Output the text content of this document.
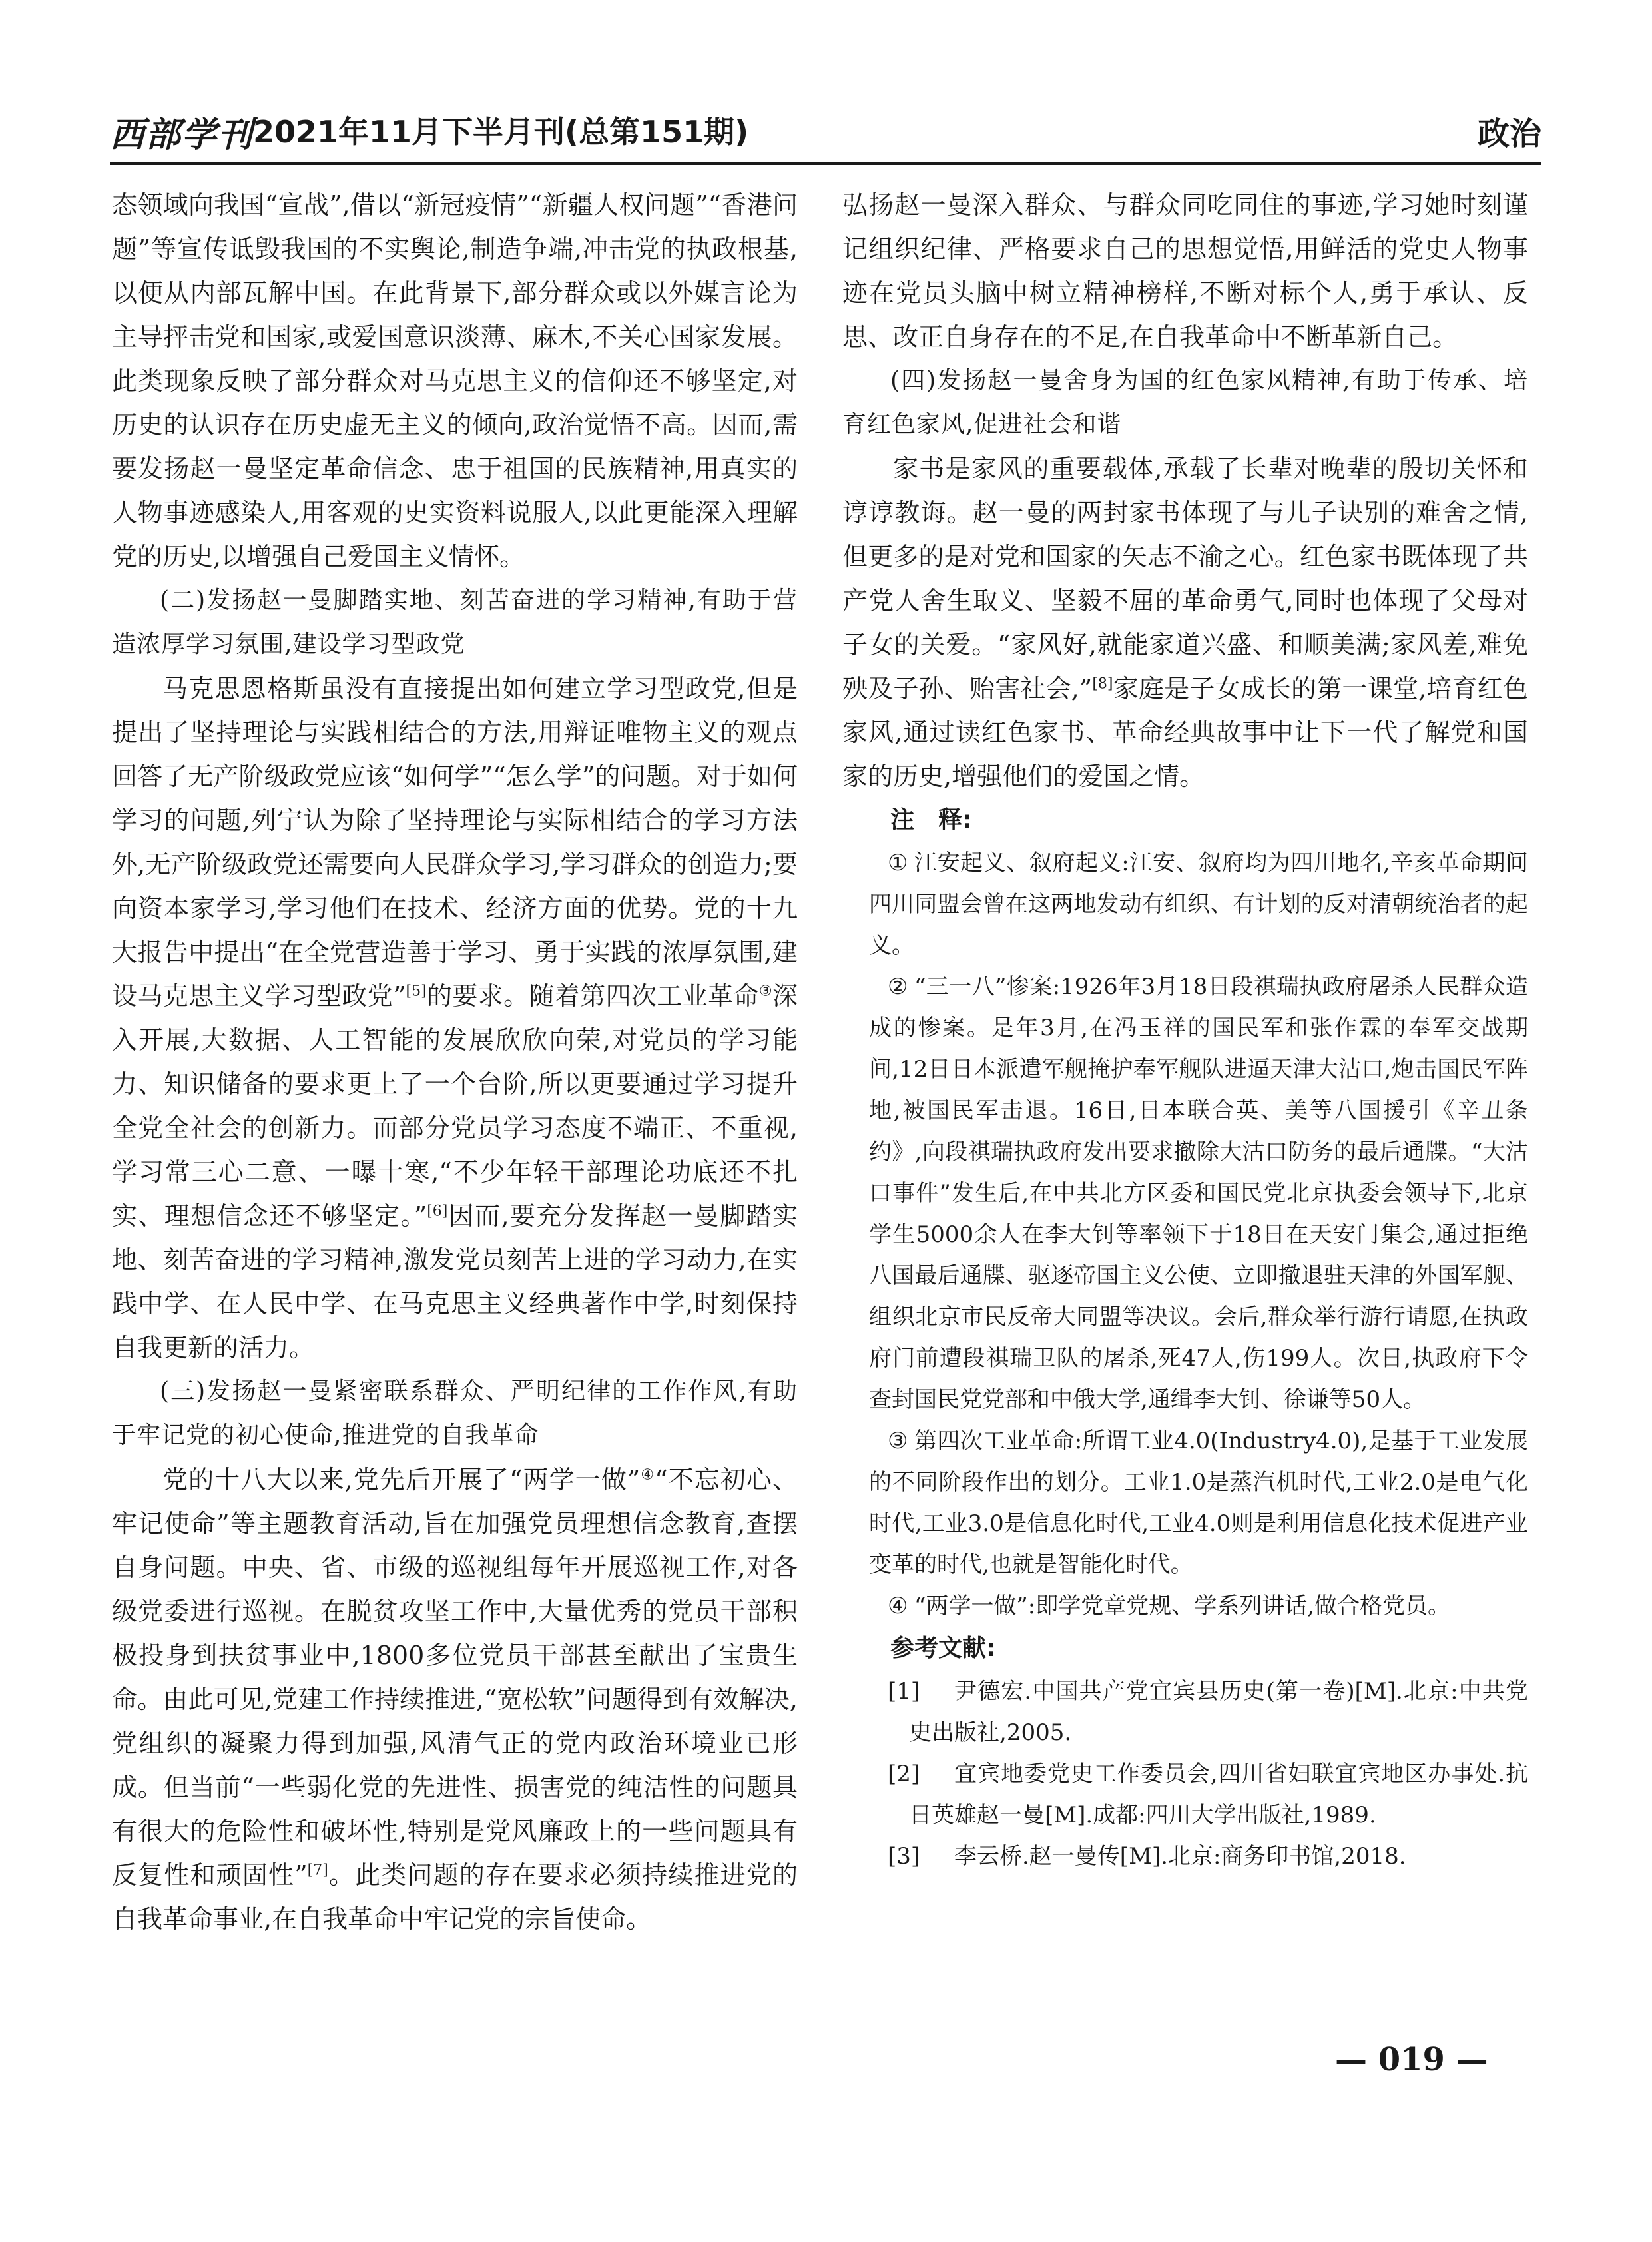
西部学刊
2021年11月下半月刊(总第151期)	政治

态领域向我国“宣战”,借以“新冠疫情”“新疆人权问题”“香港问题”等宣传诋毁我国的不实舆论,制造争端,冲击党的执政根基,以便从内部瓦解中国。在此背景下,部分群众或以外媒言论为主导抨击党和国家,或爱国意识淡薄、麻木,不关心国家发展。此类现象反映了部分群众对马克思主义的信仰还不够坚定,对历史的认识存在历史虚无主义的倾向,政治觉悟不高。因而,需要发扬赵一曼坚定革命信念、忠于祖国的民族精神,用真实的人物事迹感染人,用客观的史实资料说服人,以此更能深入理解党的历史,以增强自己爱国主义情怀。

(二)发扬赵一曼脚踏实地、刻苦奋进的学习精神,有助于营造浓厚学习氛围,建设学习型政党

马克思恩格斯虽没有直接提出如何建立学习型政党,但是提出了坚持理论与实践相结合的方法,用辩证唯物主义的观点回答了无产阶级政党应该“如何学”“怎么学”的问题。对于如何学习的问题,列宁认为除了坚持理论与实际相结合的学习方法外,无产阶级政党还需要向人民群众学习,学习群众的创造力;要向资本家学习,学习他们在技术、经济方面的优势。党的十九大报告中提出“在全党营造善于学习、勇于实践的浓厚氛围,建设马克思主义学习型政党”[5]的要求。随着第四次工业革命③深入开展,大数据、人工智能的发展欣欣向荣,对党员的学习能力、知识储备的要求更上了一个台阶,所以更要通过学习提升全党全社会的创新力。而部分党员学习态度不端正、不重视,学习常三心二意、一曝十寒,“不少年轻干部理论功底还不扎实、理想信念还不够坚定。”[6]因而,要充分发挥赵一曼脚踏实地、刻苦奋进的学习精神,激发党员刻苦上进的学习动力,在实践中学、在人民中学、在马克思主义经典著作中学,时刻保持自我更新的活力。

(三)发扬赵一曼紧密联系群众、严明纪律的工作作风,有助于牢记党的初心使命,推进党的自我革命

党的十八大以来,党先后开展了“两学一做”④“不忘初心、牢记使命”等主题教育活动,旨在加强党员理想信念教育,查摆自身问题。中央、省、市级的巡视组每年开展巡视工作,对各级党委进行巡视。在脱贫攻坚工作中,大量优秀的党员干部积极投身到扶贫事业中,1800多位党员干部甚至献出了宝贵生命。由此可见,党建工作持续推进,“宽松软”问题得到有效解决,党组织的凝聚力得到加强,风清气正的党内政治环境业已形成。但当前“一些弱化党的先进性、损害党的纯洁性的问题具有很大的危险性和破坏性,特别是党风廉政上的一些问题具有反复性和顽固性”[7]。此类问题的存在要求必须持续推进党的自我革命事业,在自我革命中牢记党的宗旨使命。

弘扬赵一曼深入群众、与群众同吃同住的事迹,学习她时刻谨记组织纪律、严格要求自己的思想觉悟,用鲜活的党史人物事迹在党员头脑中树立精神榜样,不断对标个人,勇于承认、反思、改正自身存在的不足,在自我革命中不断革新自己。

(四)发扬赵一曼舍身为国的红色家风精神,有助于传承、培育红色家风,促进社会和谐

家书是家风的重要载体,承载了长辈对晚辈的殷切关怀和谆谆教诲。赵一曼的两封家书体现了与儿子诀别的难舍之情,但更多的是对党和国家的矢志不渝之心。红色家书既体现了共产党人舍生取义、坚毅不屈的革命勇气,同时也体现了父母对子女的关爱。“家风好,就能家道兴盛、和顺美满;家风差,难免殃及子孙、贻害社会,”[8]家庭是子女成长的第一课堂,培育红色家风,通过读红色家书、革命经典故事中让下一代了解党和国家的历史,增强他们的爱国之情。

注　释:

① 江安起义、叙府起义:江安、叙府均为四川地名,辛亥革命期间四川同盟会曾在这两地发动有组织、有计划的反对清朝统治者的起义。

② “三一八”惨案:1926年3月18日段祺瑞执政府屠杀人民群众造成的惨案。是年3月,在冯玉祥的国民军和张作霖的奉军交战期间,12日日本派遣军舰掩护奉军舰队进逼天津大沽口,炮击国民军阵地,被国民军击退。16日,日本联合英、美等八国援引《辛丑条约》,向段祺瑞执政府发出要求撤除大沽口防务的最后通牒。“大沽口事件”发生后,在中共北方区委和国民党北京执委会领导下,北京学生5000余人在李大钊等率领下于18日在天安门集会,通过拒绝八国最后通牒、驱逐帝国主义公使、立即撤退驻天津的外国军舰、组织北京市民反帝大同盟等决议。会后,群众举行游行请愿,在执政府门前遭段祺瑞卫队的屠杀,死47人,伤199人。次日,执政府下令查封国民党党部和中俄大学,通缉李大钊、徐谦等50人。

③ 第四次工业革命:所谓工业4.0(Industry4.0),是基于工业发展的不同阶段作出的划分。工业1.0是蒸汽机时代,工业2.0是电气化时代,工业3.0是信息化时代,工业4.0则是利用信息化技术促进产业变革的时代,也就是智能化时代。

④ “两学一做”:即学党章党规、学系列讲话,做合格党员。

参考文献:

[1] 尹德宏.中国共产党宜宾县历史(第一卷)[M].北京:中共党史出版社,2005.

[2] 宜宾地委党史工作委员会,四川省妇联宜宾地区办事处.抗日英雄赵一曼[M].成都:四川大学出版社,1989.

[3] 李云桥.赵一曼传[M].北京:商务印书馆,2018.

— 019 —
